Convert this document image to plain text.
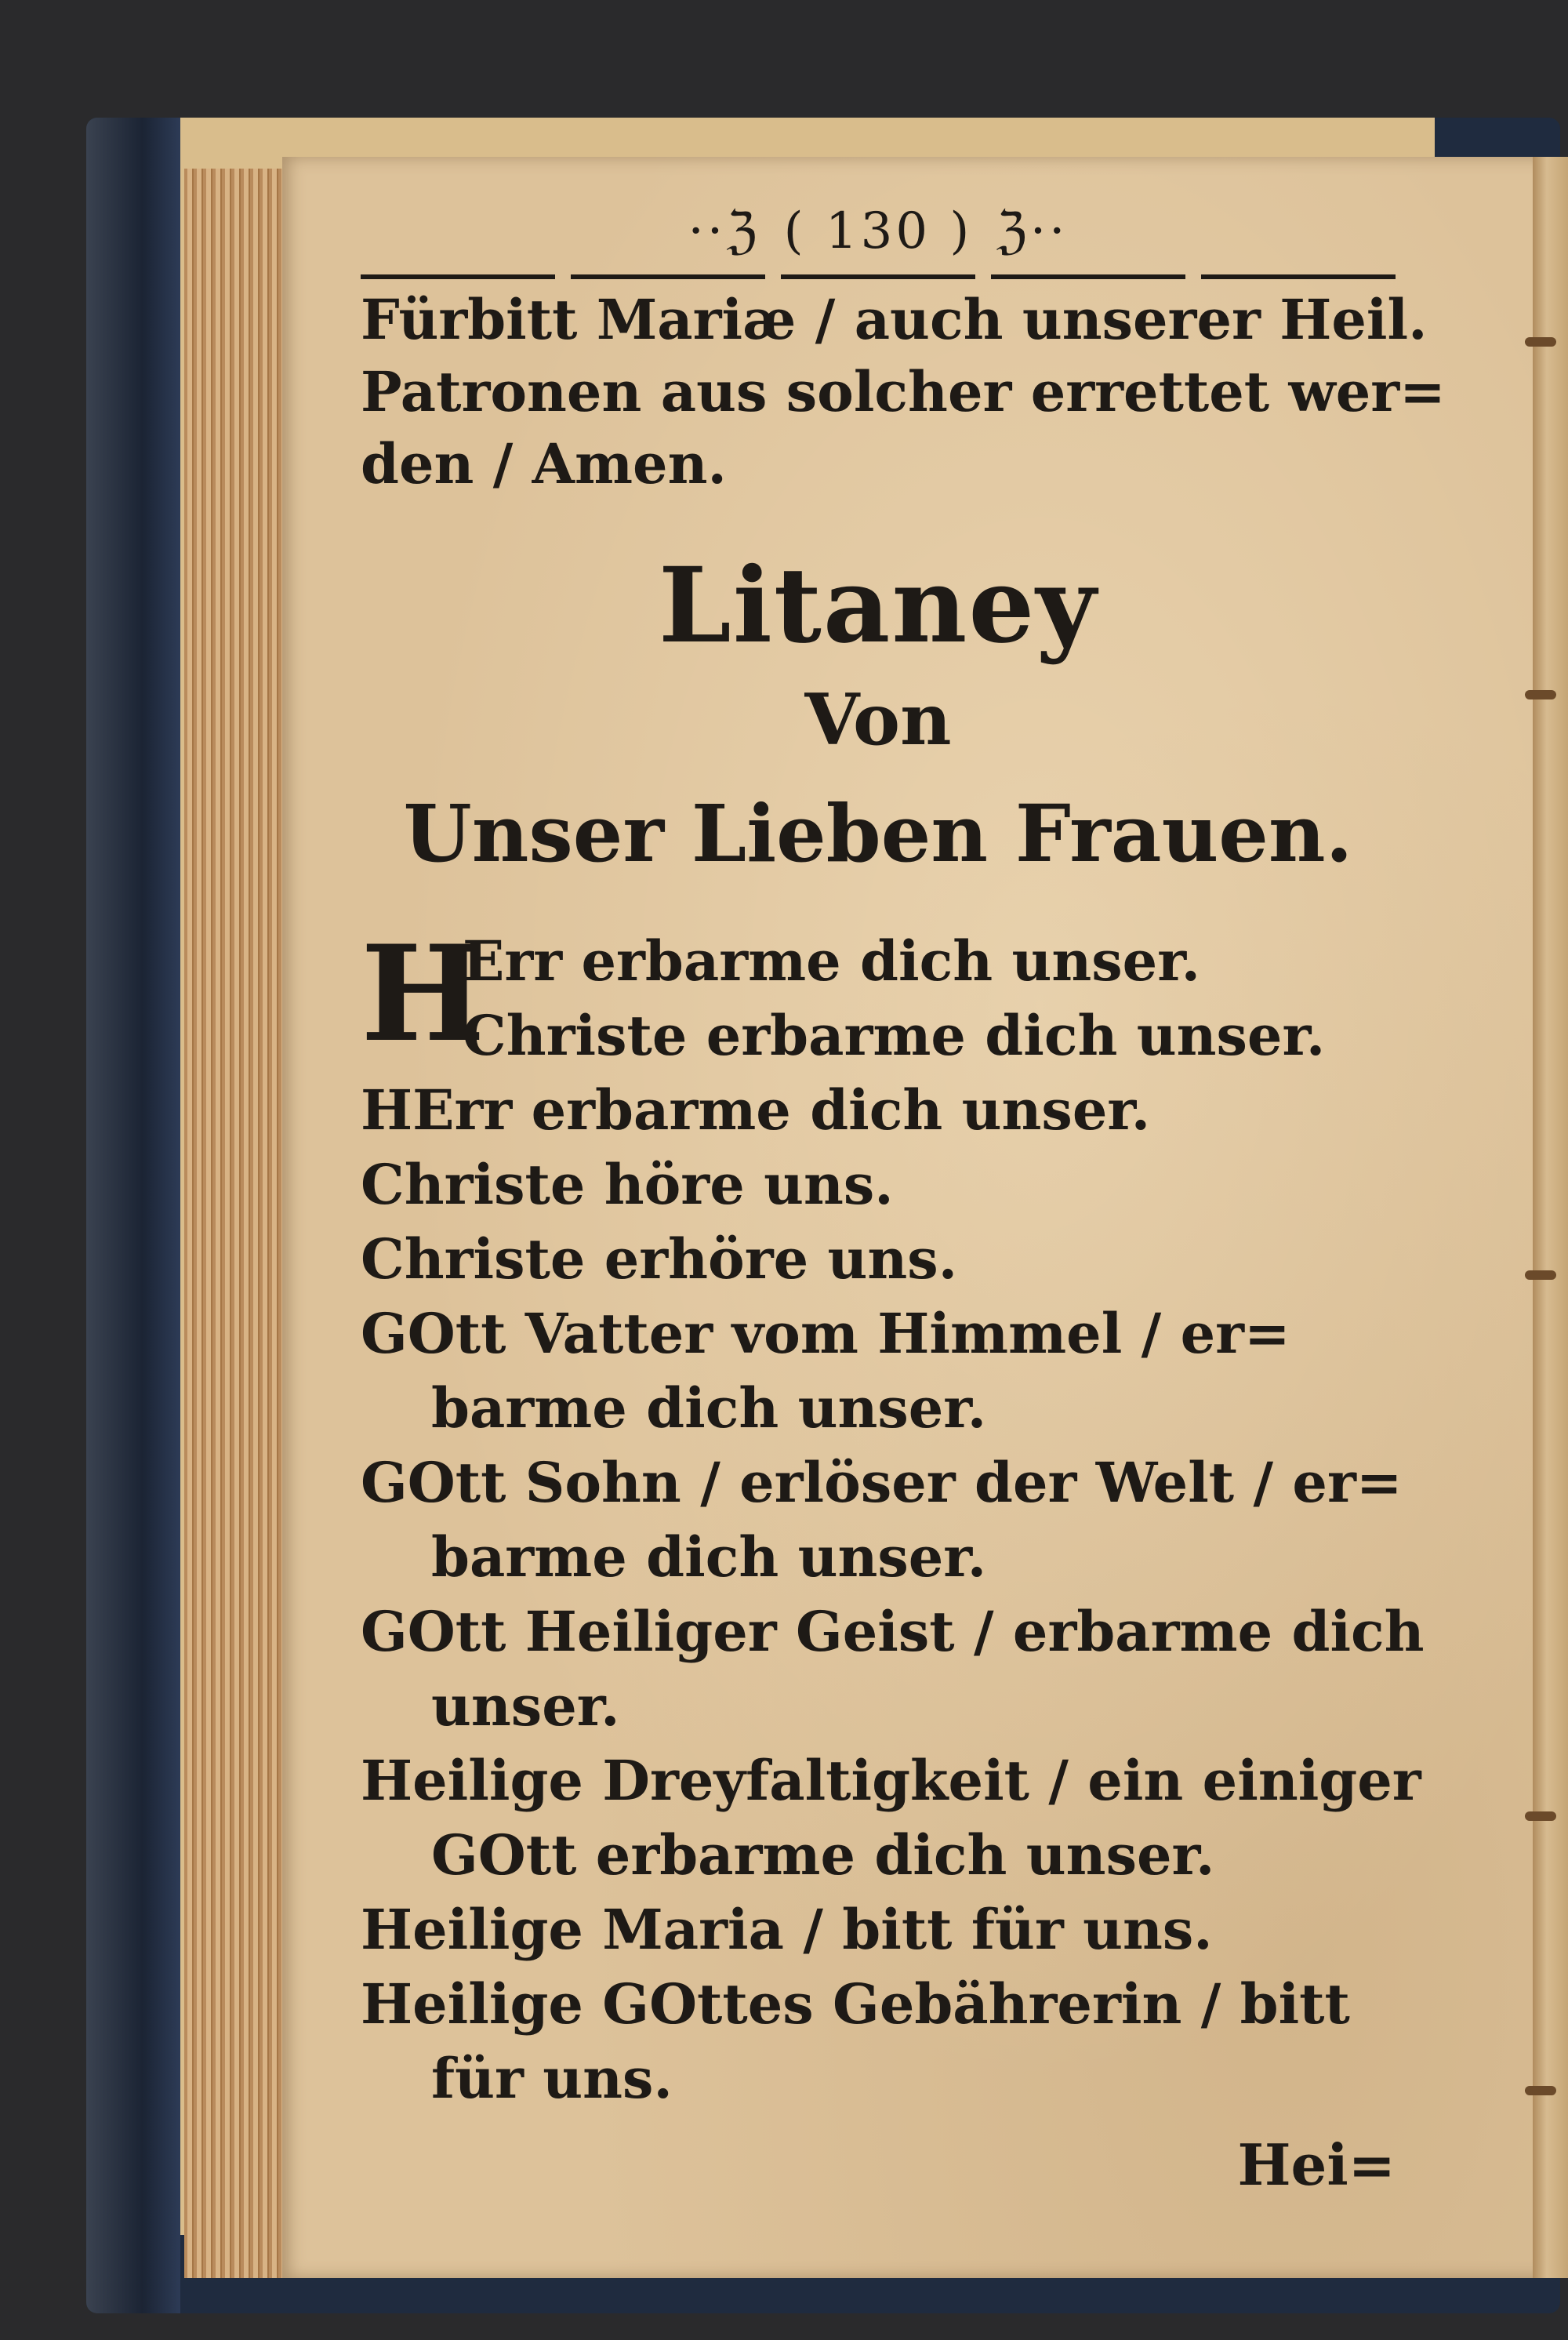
··ℨ ( 130 ) ℨ··
Fürbitt Mariæ / auch unserer Heil.
Patronen aus solcher errettet wer=
den / Amen.
Litaney
Von
Unser Lieben Frauen.
H
Err erbarme dich unser.
Christe erbarme dich unser.
HErr erbarme dich unser.
Christe höre uns.
Christe erhöre uns.
GOtt Vatter vom Himmel / er=
barme dich unser.
GOtt Sohn / erlöser der Welt / er=
barme dich unser.
GOtt Heiliger Geist / erbarme dich
unser.
Heilige Dreyfaltigkeit / ein einiger
GOtt erbarme dich unser.
Heilige Maria / bitt für uns.
Heilige GOttes Gebährerin / bitt
für uns.
Hei=
